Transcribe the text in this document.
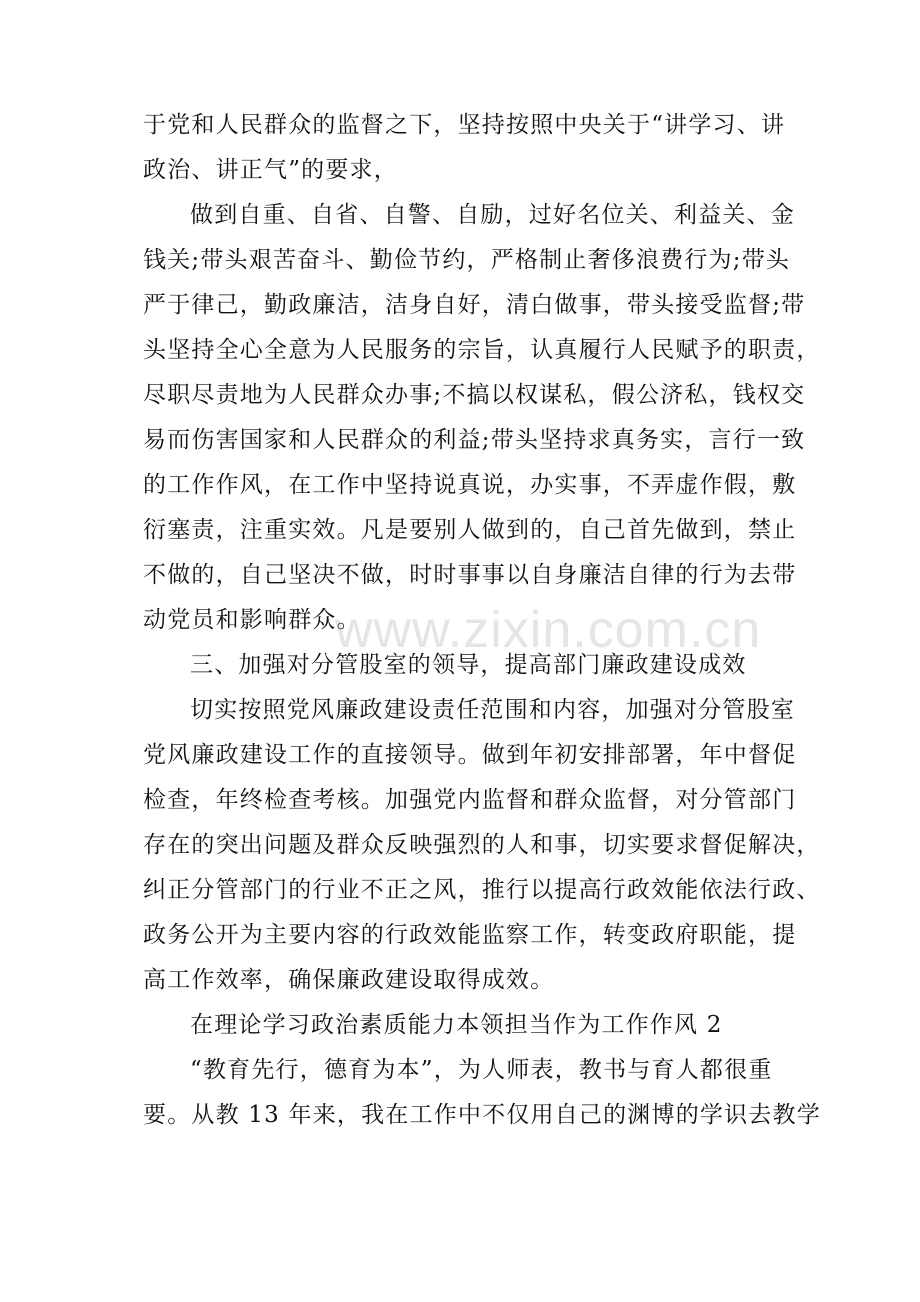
于党和人民群众的监督之下，坚持按照中央关于“讲学习、讲
政治、讲正气”的要求，
做到自重、自省、自警、自励，过好名位关、利益关、金
钱关;带头艰苦奋斗、勤俭节约，严格制止奢侈浪费行为;带头
严于律己，勤政廉洁，洁身自好，清白做事，带头接受监督;带
头坚持全心全意为人民服务的宗旨，认真履行人民赋予的职责，
尽职尽责地为人民群众办事;不搞以权谋私，假公济私，钱权交
易而伤害国家和人民群众的利益;带头坚持求真务实，言行一致
的工作作风，在工作中坚持说真说，办实事，不弄虚作假，敷
衍塞责，注重实效。凡是要别人做到的，自己首先做到，禁止
不做的，自己坚决不做，时时事事以自身廉洁自律的行为去带
动党员和影响群众。
三、加强对分管股室的领导，提高部门廉政建设成效
切实按照党风廉政建设责任范围和内容，加强对分管股室
党风廉政建设工作的直接领导。做到年初安排部署，年中督促
检查，年终检查考核。加强党内监督和群众监督，对分管部门
存在的突出问题及群众反映强烈的人和事，切实要求督促解决，
纠正分管部门的行业不正之风，推行以提高行政效能依法行政、
政务公开为主要内容的行政效能监察工作，转变政府职能，提
高工作效率，确保廉政建设取得成效。
在理论学习政治素质能力本领担当作为工作作风 2
“教育先行，德育为本”，为人师表，教书与育人都很重
要。从教 13 年来，我在工作中不仅用自己的渊博的学识去教学
www.zixin.com.cn
